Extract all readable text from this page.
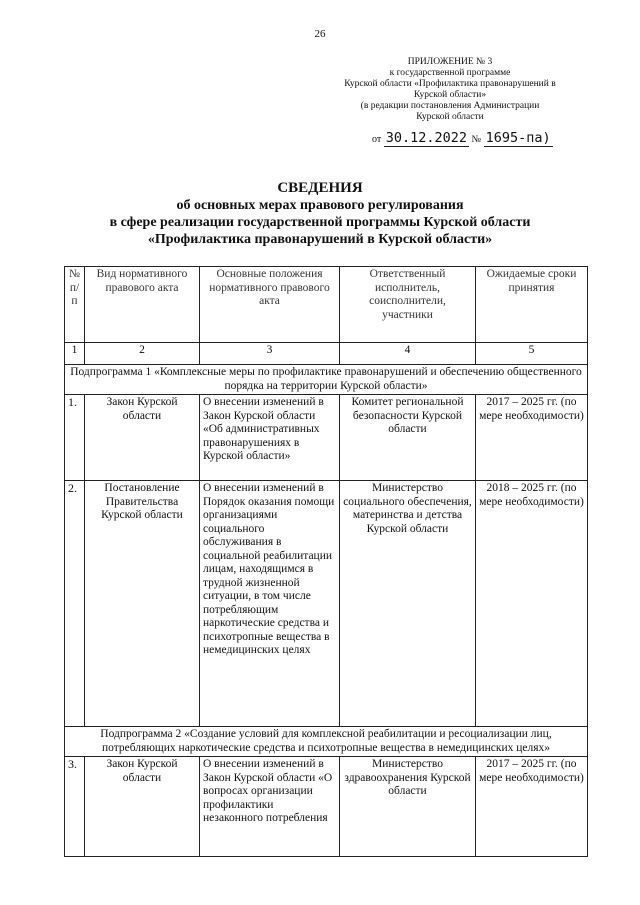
26
ПРИЛОЖЕНИЕ № 3
к государственной программе
Курской области «Профилактика правонарушений в
Курской области»
(в редакции постановления Администрации
Курской области
от 30.12.2022 № 1695-па)
СВЕДЕНИЯ
об основных мерах правового регулирования
в сфере реализации государственной программы Курской области
«Профилактика правонарушений в Курской области»
№ п/п	Вид нормативного правового акта	Основные положения нормативного правового акта	Ответственный исполнитель, соисполнители, участники	Ожидаемые сроки принятия
1	2	3	4	5
Подпрограмма 1 «Комплексные меры по профилактике правонарушений и обеспечению общественного порядка на территории Курской области»				
1.	Закон Курской области	О внесении изменений в Закон Курской области «Об административных правонарушениях в Курской области»	Комитет региональной безопасности Курской области	2017 – 2025 гг. (по мере необходимости)
2.	Постановление Правительства Курской области	О внесении изменений в Порядок оказания помощи организациями социального обслуживания в социальной реабилитации лицам, находящимся в трудной жизненной ситуации, в том числе потребляющим наркотические средства и психотропные вещества в немедицинских целях	Министерство социального обеспечения, материнства и детства Курской области	2018 – 2025 гг. (по мере необходимости)
Подпрограмма 2 «Создание условий для комплексной реабилитации и ресоциализации лиц, потребляющих наркотические средства и психотропные вещества в немедицинских целях»				
3.	Закон Курской области	О внесении изменений в Закон Курской области «О вопросах организации профилактики незаконного потребления	Министерство здравоохранения Курской области	2017 – 2025 гг. (по мере необходимости)
